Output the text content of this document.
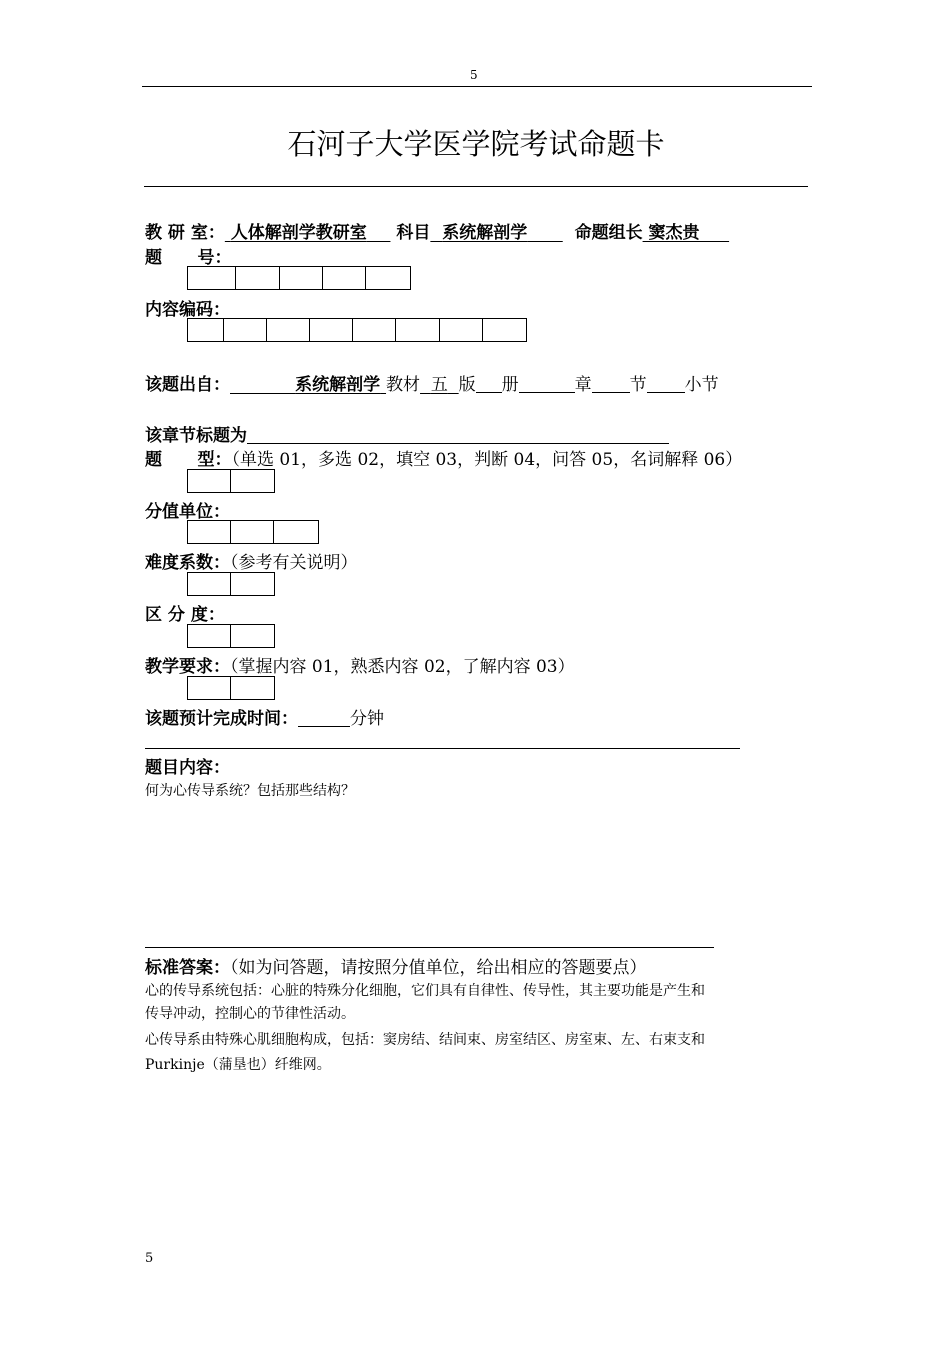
5
石河子大学医学院考试命题卡
教 研 室： 人体解剖学教研室 科目 系统解剖学	命题组长 窦杰贵
题      号：
内容编码：
该题出自：	系统解剖学 教材 五 版 册	章 节 小节
该章节标题为
题      型：（单选 01，多选 02，填空 03，判断 04，问答 05，名词解释 06）
分值单位：
难度系数：（参考有关说明）
区 分 度：
教学要求：（掌握内容 01，熟悉内容 02，了解内容 03）
该题预计完成时间：	分钟
题目内容：
何为心传导系统？包括那些结构？
标准答案：（如为问答题，请按照分值单位，给出相应的答题要点）
心的传导系统包括：心脏的特殊分化细胞，它们具有自律性、传导性，其主要功能是产生和
传导冲动，控制心的节律性活动。
心传导系由特殊心肌细胞构成，包括：窦房结、结间束、房室结区、房室束、左、右束支和
Purkinje（蒲垦也）纤维网。
5
